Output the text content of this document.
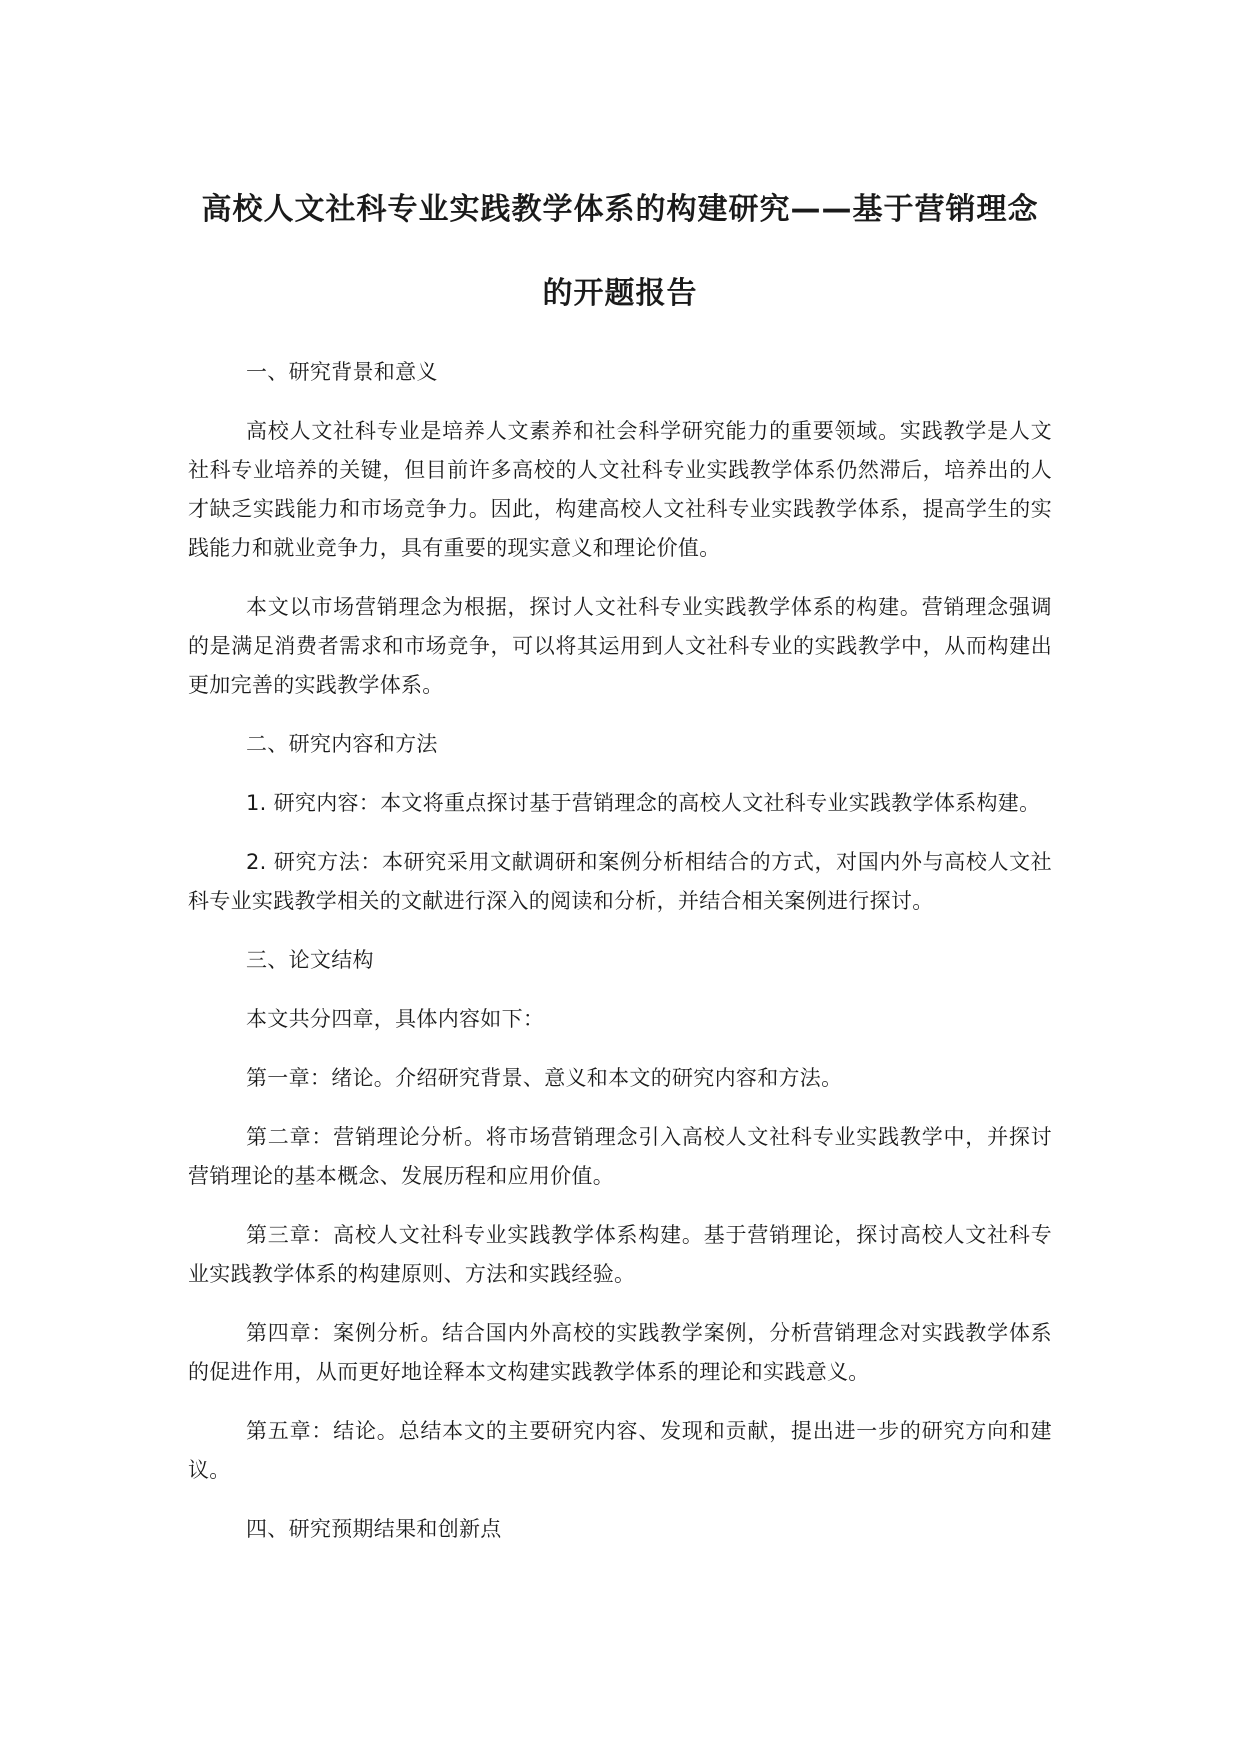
高校人文社科专业实践教学体系的构建研究——基于营销理念的开题报告

一、研究背景和意义

高校人文社科专业是培养人文素养和社会科学研究能力的重要领域。实践教学是人文社科专业培养的关键，但目前许多高校的人文社科专业实践教学体系仍然滞后，培养出的人才缺乏实践能力和市场竞争力。因此，构建高校人文社科专业实践教学体系，提高学生的实践能力和就业竞争力，具有重要的现实意义和理论价值。

本文以市场营销理念为根据，探讨人文社科专业实践教学体系的构建。营销理念强调的是满足消费者需求和市场竞争，可以将其运用到人文社科专业的实践教学中，从而构建出更加完善的实践教学体系。

二、研究内容和方法

1. 研究内容：本文将重点探讨基于营销理念的高校人文社科专业实践教学体系构建。

2. 研究方法：本研究采用文献调研和案例分析相结合的方式，对国内外与高校人文社科专业实践教学相关的文献进行深入的阅读和分析，并结合相关案例进行探讨。

三、论文结构

本文共分四章，具体内容如下：

第一章：绪论。介绍研究背景、意义和本文的研究内容和方法。

第二章：营销理论分析。将市场营销理念引入高校人文社科专业实践教学中，并探讨营销理论的基本概念、发展历程和应用价值。

第三章：高校人文社科专业实践教学体系构建。基于营销理论，探讨高校人文社科专业实践教学体系的构建原则、方法和实践经验。

第四章：案例分析。结合国内外高校的实践教学案例，分析营销理念对实践教学体系的促进作用，从而更好地诠释本文构建实践教学体系的理论和实践意义。

第五章：结论。总结本文的主要研究内容、发现和贡献，提出进一步的研究方向和建议。

四、研究预期结果和创新点
